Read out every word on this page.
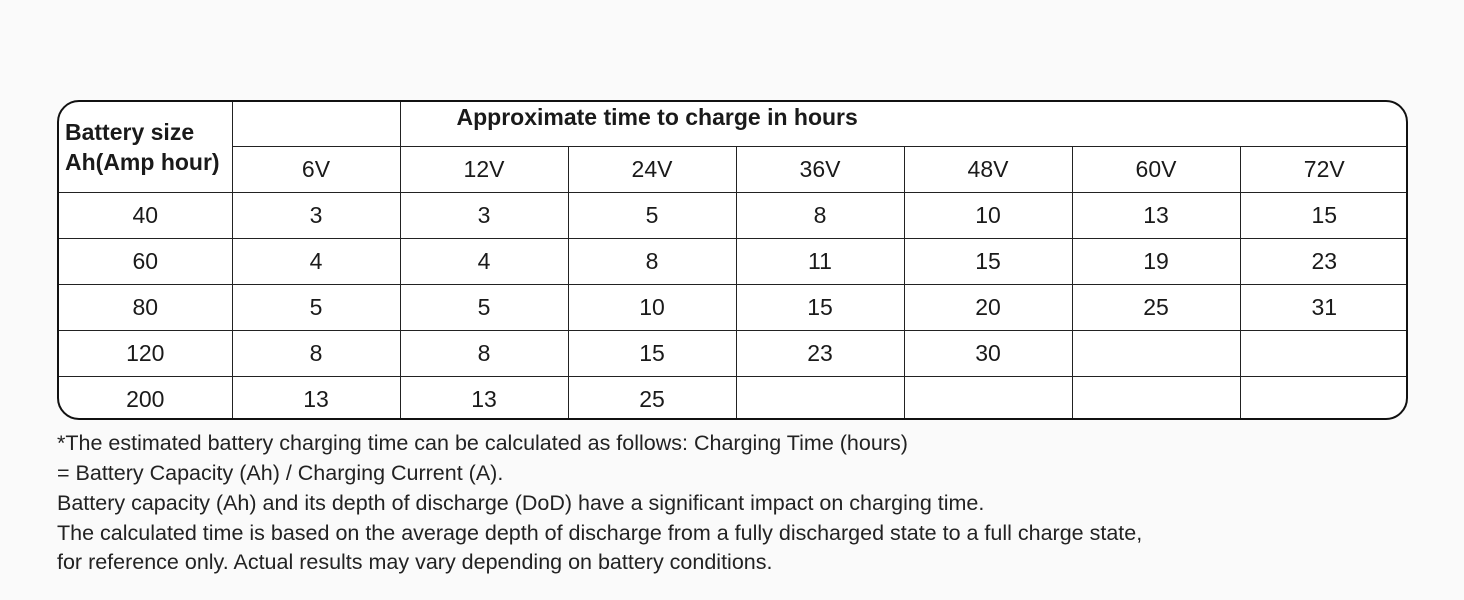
Battery size
Ah(Amp hour)		Approximate time to charge in hours					
	6V	12V	24V	36V	48V	60V	72V
40	3	3	5	8	10	13	15
60	4	4	8	11	15	19	23
80	5	5	10	15	20	25	31
120	8	8	15	23	30		
200	13	13	25				

*The estimated battery charging time can be calculated as follows: Charging Time (hours)

= Battery Capacity (Ah) / Charging Current (A).

Battery capacity (Ah) and its depth of discharge (DoD) have a significant impact on charging time.

The calculated time is based on the average depth of discharge from a fully discharged state to a full charge state,

for reference only. Actual results may vary depending on battery conditions.
